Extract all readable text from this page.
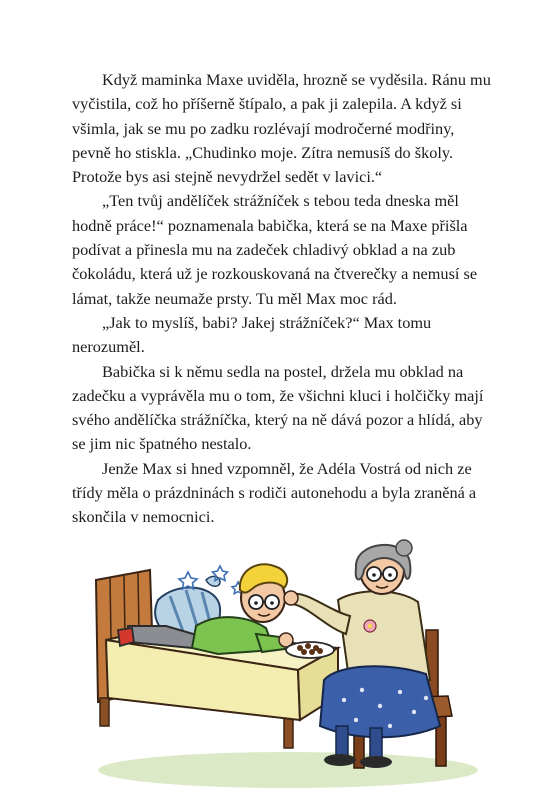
Když maminka Maxe uviděla, hrozně se vyděsila. Ránu mu vyčistila, což ho příšerně štípalo, a pak ji zalepila. A když si všimla, jak se mu po zadku rozlévají modročerné modřiny, pevně ho stiskla. „Chudinko moje. Zítra nemusíš do školy. Protože bys asi stejně nevydržel sedět v lavici.“

„Ten tvůj andělíček strážníček s tebou teda dneska měl hodně práce!“ poznamenala babička, která se na Maxe přišla podívat a přinesla mu na zadeček chladivý obklad a na zub čokoládu, která už je rozkouskovaná na čtverečky a nemusí se lámat, takže neumaže prsty. Tu měl Max moc rád.

„Jak to myslíš, babi? Jakej strážníček?“ Max tomu nerozuměl.

Babička si k němu sedla na postel, držela mu obklad na zadečku a vyprávěla mu o tom, že všichni kluci i holčičky mají svého andělíčka strážníčka, který na ně dává pozor a hlídá, aby se jim nic špatného nestalo.

Jenže Max si hned vzpomněl, že Adéla Vostrá od nich ze třídy měla o prázdninách s rodiči autonehodu a byla zraněná a skončila v nemocnici.
